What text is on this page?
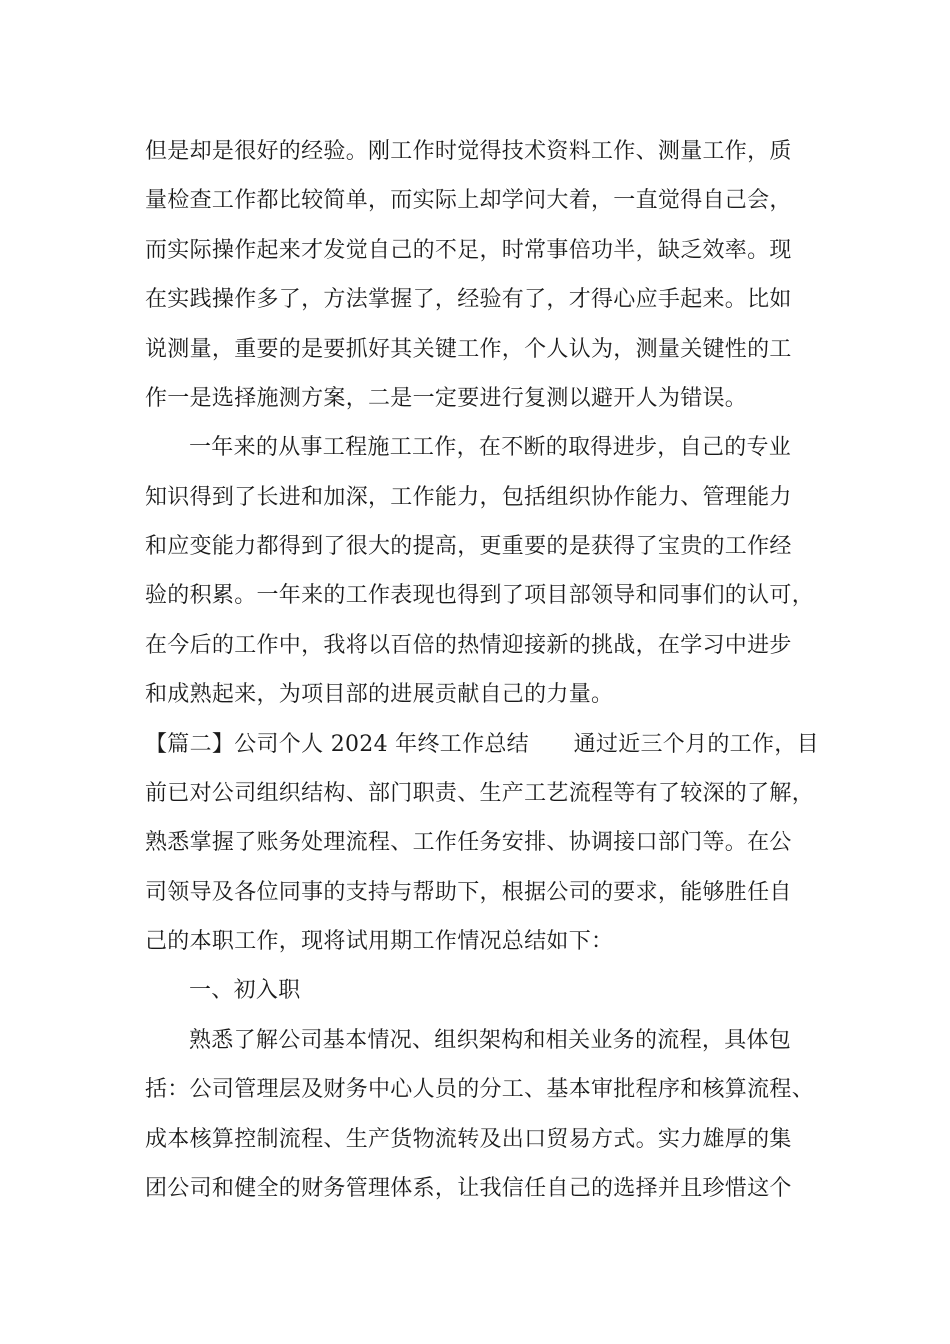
但是却是很好的经验。刚工作时觉得技术资料工作、测量工作，质

量检查工作都比较简单，而实际上却学问大着，一直觉得自己会，

而实际操作起来才发觉自己的不足，时常事倍功半，缺乏效率。现

在实践操作多了，方法掌握了，经验有了，才得心应手起来。比如

说测量，重要的是要抓好其关键工作，个人认为，测量关键性的工

作一是选择施测方案，二是一定要进行复测以避开人为错误。

一年来的从事工程施工工作，在不断的取得进步，自己的专业

知识得到了长进和加深，工作能力，包括组织协作能力、管理能力

和应变能力都得到了很大的提高，更重要的是获得了宝贵的工作经

验的积累。一年来的工作表现也得到了项目部领导和同事们的认可，

在今后的工作中，我将以百倍的热情迎接新的挑战，在学习中进步

和成熟起来，为项目部的进展贡献自己的力量。

【篇二】公司个人 2024 年终工作总结　　通过近三个月的工作，目

前已对公司组织结构、部门职责、生产工艺流程等有了较深的了解，

熟悉掌握了账务处理流程、工作任务安排、协调接口部门等。在公

司领导及各位同事的支持与帮助下，根据公司的要求，能够胜任自

己的本职工作，现将试用期工作情况总结如下：

一、初入职

熟悉了解公司基本情况、组织架构和相关业务的流程，具体包

括：公司管理层及财务中心人员的分工、基本审批程序和核算流程、

成本核算控制流程、生产货物流转及出口贸易方式。实力雄厚的集

团公司和健全的财务管理体系，让我信任自己的选择并且珍惜这个
